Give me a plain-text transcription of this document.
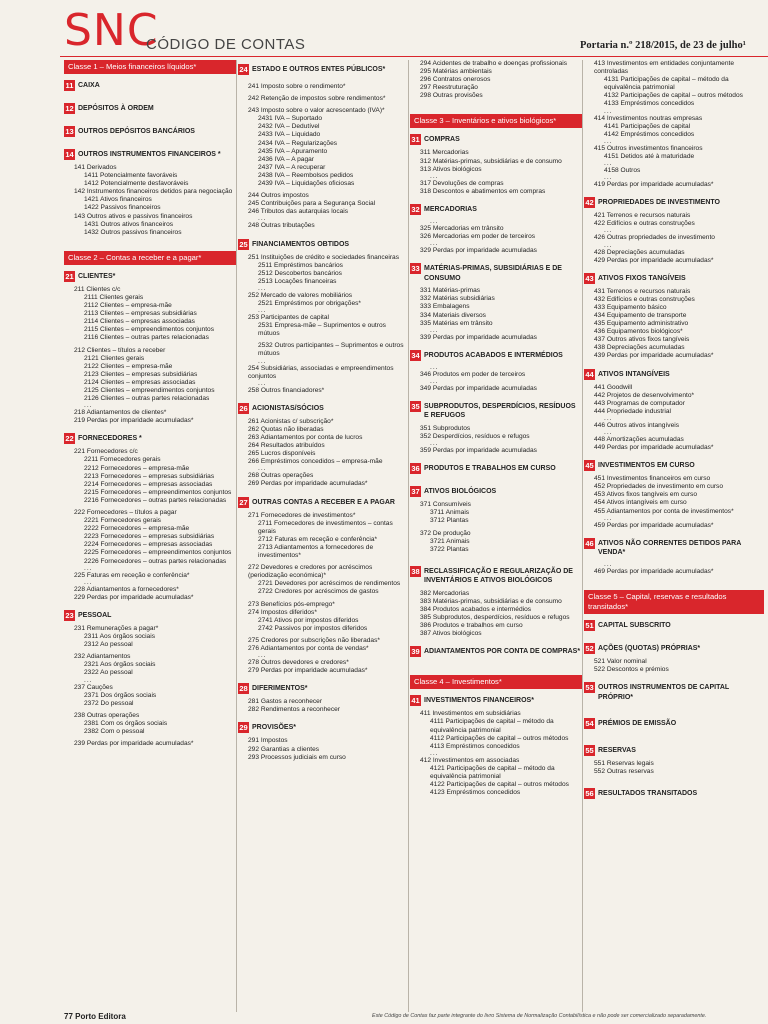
SNC
CÓDIGO DE CONTAS	Portaria n.º 218/2015, de 23 de julho¹
Classe 1 – Meios financeiros líquidos*
11 CAIXA
12 DEPÓSITOS À ORDEM
13 OUTROS DEPÓSITOS BANCÁRIOS
14 OUTROS INSTRUMENTOS FINANCEIROS *
141 Derivados
1411 Potencialmente favoráveis
1412 Potencialmente desfavoráveis
142 Instrumentos financeiros detidos para negociação
1421 Ativos financeiros
1422 Passivos financeiros
143 Outros ativos e passivos financeiros
1431 Outros ativos financeiros
1432 Outros passivos financeiros
Classe 2 – Contas a receber e a pagar*
21 CLIENTES*
211 Clientes c/c
2111 Clientes gerais
2112 Clientes – empresa-mãe
2113 Clientes – empresas subsidiárias
2114 Clientes – empresas associadas
2115 Clientes – empreendimentos conjuntos
2116 Clientes – outras partes relacionadas
212 Clientes – títulos a receber
2121 Clientes gerais
2122 Clientes – empresa-mãe
2123 Clientes – empresas subsidiárias
2124 Clientes – empresas associadas
2125 Clientes – empreendimentos conjuntos
2126 Clientes – outras partes relacionadas
...
218 Adiantamentos de clientes*
219 Perdas por imparidade acumuladas*
22 FORNECEDORES *
221 Fornecedores c/c
2211 Fornecedores gerais
2212 Fornecedores – empresa-mãe
2213 Fornecedores – empresas subsidiárias
2214 Fornecedores – empresas associadas
2215 Fornecedores – empreendimentos conjuntos
2216 Fornecedores – outras partes relacionadas
222 Fornecedores – títulos a pagar
2221 Fornecedores gerais
2222 Fornecedores – empresa-mãe
2223 Fornecedores – empresas subsidiárias
2224 Fornecedores – empresas associadas
2225 Fornecedores – empreendimentos conjuntos
2226 Fornecedores – outras partes relacionadas
...
225 Faturas em receção e conferência*
...
228 Adiantamentos a fornecedores*
229 Perdas por imparidade acumuladas*
23 PESSOAL
231 Remunerações a pagar*
2311 Aos órgãos sociais
2312 Ao pessoal
232 Adiantamentos
2321 Aos órgãos sociais
2322 Ao pessoal
...
237 Cauções
2371 Dos órgãos sociais
2372 Do pessoal
238 Outras operações
2381 Com os órgãos sociais
2382 Com o pessoal
239 Perdas por imparidade acumuladas*
24 ESTADO E OUTROS ENTES PÚBLICOS*
241 Imposto sobre o rendimento*
242 Retenção de impostos sobre rendimentos*
243 Imposto sobre o valor acrescentado (IVA)*
2431 IVA – Suportado
2432 IVA – Dedutível
2433 IVA – Liquidado
2434 IVA – Regularizações
2435 IVA – Apuramento
2436 IVA – A pagar
2437 IVA – A recuperar
2438 IVA – Reembolsos pedidos
2439 IVA – Liquidações oficiosas
244 Outros impostos
245 Contribuições para a Segurança Social
246 Tributos das autarquias locais
...
248 Outras tributações
25 FINANCIAMENTOS OBTIDOS
251 Instituições de crédito e sociedades financeiras
2511 Empréstimos bancários
2512 Descobertos bancários
2513 Locações financeiras
...
252 Mercado de valores mobiliários
2521 Empréstimos por obrigações*
...
253 Participantes de capital
2531 Empresa-mãe – Suprimentos e outros mútuos
2532 Outros participantes – Suprimentos e outros mútuos
...
254 Subsidiárias, associadas e empreendimentos conjuntos
...
258 Outros financiadores*
26 ACIONISTAS/SÓCIOS
261 Acionistas c/ subscrição*
262 Quotas não liberadas
263 Adiantamentos por conta de lucros
264 Resultados atribuídos
265 Lucros disponíveis
266 Empréstimos concedidos – empresa-mãe
...
268 Outras operações
269 Perdas por imparidade acumuladas*
27 OUTRAS CONTAS A RECEBER E A PAGAR
271 Fornecedores de investimentos*
2711 Fornecedores de investimentos – contas gerais
2712 Faturas em receção e conferência*
2713 Adiantamentos a fornecedores de investimentos*
272 Devedores e credores por acréscimos (periodização económica)*
2721 Devedores por acréscimos de rendimentos
2722 Credores por acréscimos de gastos
273 Benefícios pós-emprego*
274 Impostos diferidos*
2741 Ativos por impostos diferidos
2742 Passivos por impostos diferidos
275 Credores por subscrições não liberadas*
276 Adiantamentos por conta de vendas*
...
278 Outros devedores e credores*
279 Perdas por imparidade acumuladas*
28 DIFERIMENTOS*
281 Gastos a reconhecer
282 Rendimentos a reconhecer
29 PROVISÕES*
291 Impostos
292 Garantias a clientes
293 Processos judiciais em curso
294 Acidentes de trabalho e doenças profissionais
295 Matérias ambientais
296 Contratos onerosos
297 Reestruturação
298 Outras provisões
Classe 3 – Inventários e ativos biológicos*
31 COMPRAS
311 Mercadorias
312 Matérias-primas, subsidiárias e de consumo
313 Ativos biológicos
...
317 Devoluções de compras
318 Descontos e abatimentos em compras
32 MERCADORIAS
...
325 Mercadorias em trânsito
326 Mercadorias em poder de terceiros
...
329 Perdas por imparidade acumuladas
33 MATÉRIAS-PRIMAS, SUBSIDIÁRIAS E DE CONSUMO
331 Matérias-primas
332 Matérias subsidiárias
333 Embalagens
334 Materiais diversos
335 Matérias em trânsito
...
339 Perdas por imparidade acumuladas
34 PRODUTOS ACABADOS E INTERMÉDIOS
...
346 Produtos em poder de terceiros
...
349 Perdas por imparidade acumuladas
35 SUBPRODUTOS, DESPERDÍCIOS, RESÍDUOS E REFUGOS
351 Subprodutos
352 Desperdícios, resíduos e refugos
...
359 Perdas por imparidade acumuladas
36 PRODUTOS E TRABALHOS EM CURSO
37 ATIVOS BIOLÓGICOS
371 Consumíveis
3711 Animais
3712 Plantas
372 De produção
3721 Animais
3722 Plantas
38 RECLASSIFICAÇÃO E REGULARIZAÇÃO DE INVENTÁRIOS E ATIVOS BIOLÓGICOS
382 Mercadorias
383 Matérias-primas, subsidiárias e de consumo
384 Produtos acabados e intermédios
385 Subprodutos, desperdícios, resíduos e refugos
386 Produtos e trabalhos em curso
387 Ativos biológicos
39 ADIANTAMENTOS POR CONTA DE COMPRAS*
Classe 4 – Investimentos*
41 INVESTIMENTOS FINANCEIROS*
411 Investimentos em subsidiárias
4111 Participações de capital – método da equivalência patrimonial
4112 Participações de capital – outros métodos
4113 Empréstimos concedidos
...
412 Investimentos em associadas
4121 Participações de capital – método da equivalência patrimonial
4122 Participações de capital – outros métodos
4123 Empréstimos concedidos
413 Investimentos em entidades conjuntamente controladas
4131 Participações de capital – método da equivalência patrimonial
4132 Participações de capital – outros métodos
4133 Empréstimos concedidos
...
414 Investimentos noutras empresas
4141 Participações de capital
4142 Empréstimos concedidos
...
415 Outros investimentos financeiros
4151 Detidos até à maturidade
...
4158 Outros
...
419 Perdas por imparidade acumuladas*
42 PROPRIEDADES DE INVESTIMENTO
421 Terrenos e recursos naturais
422 Edifícios e outras construções
...
426 Outras propriedades de investimento
...
428 Depreciações acumuladas
429 Perdas por imparidade acumuladas*
43 ATIVOS FIXOS TANGÍVEIS
431 Terrenos e recursos naturais
432 Edifícios e outras construções
433 Equipamento básico
434 Equipamento de transporte
435 Equipamento administrativo
436 Equipamentos biológicos*
437 Outros ativos fixos tangíveis
438 Depreciações acumuladas
439 Perdas por imparidade acumuladas*
44 ATIVOS INTANGÍVEIS
441 Goodwill
442 Projetos de desenvolvimento*
443 Programas de computador
444 Propriedade industrial
...
446 Outros ativos intangíveis
...
448 Amortizações acumuladas
449 Perdas por imparidade acumuladas*
45 INVESTIMENTOS EM CURSO
451 Investimentos financeiros em curso
452 Propriedades de investimento em curso
453 Ativos fixos tangíveis em curso
454 Ativos intangíveis em curso
455 Adiantamentos por conta de investimentos*
...
459 Perdas por imparidade acumuladas*
46 ATIVOS NÃO CORRENTES DETIDOS PARA VENDA*
...
469 Perdas por imparidade acumuladas*
Classe 5 – Capital, reservas e resultados transitados*
51 CAPITAL SUBSCRITO
52 AÇÕES (QUOTAS) PRÓPRIAS*
521 Valor nominal
522 Descontos e prémios
53 OUTROS INSTRUMENTOS DE CAPITAL PRÓPRIO*
54 PRÉMIOS DE EMISSÃO
55 RESERVAS
551 Reservas legais
552 Outras reservas
56 RESULTADOS TRANSITADOS
77 Porto Editora	Este Código de Contas faz parte integrante do livro Sistema de Normalização Contabilística e não pode ser comercializado separadamente.
